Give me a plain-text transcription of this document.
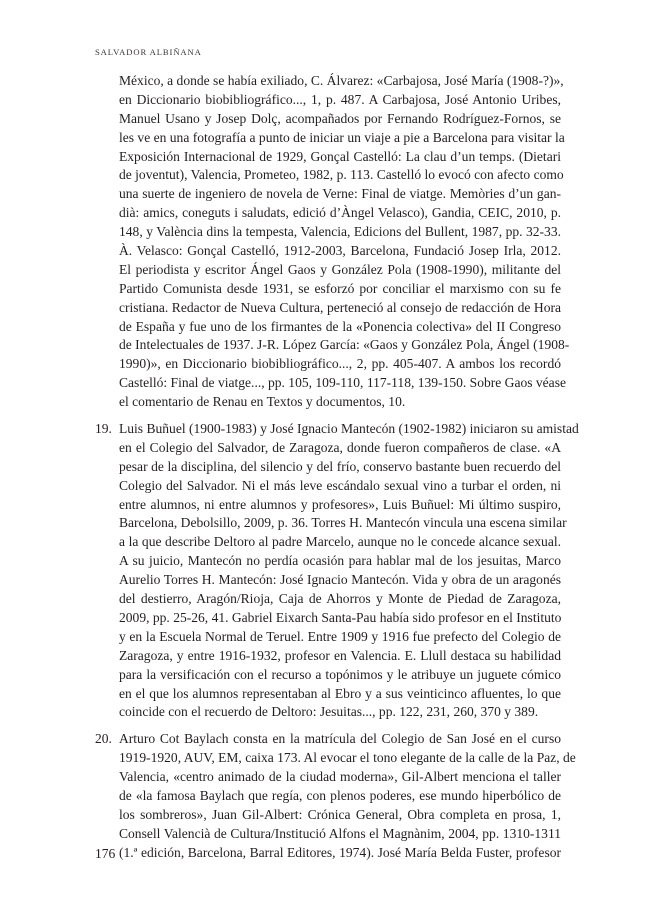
SALVADOR ALBIÑANA
México, a donde se había exiliado, C. Álvarez: «Carbajosa, José María (1908-?)»,
en Diccionario biobibliográfico..., 1, p. 487. A Carbajosa, José Antonio Uribes,
Manuel Usano y Josep Dolç, acompañados por Fernando Rodríguez-Fornos, se
les ve en una fotografía a punto de iniciar un viaje a pie a Barcelona para visitar la
Exposición Internacional de 1929, Gonçal Castelló: La clau d’un temps. (Dietari
de joventut), Valencia, Prometeo, 1982, p. 113. Castelló lo evocó con afecto como
una suerte de ingeniero de novela de Verne: Final de viatge. Memòries d’un gan-
dià: amics, coneguts i saludats, edició d’Àngel Velasco), Gandia, CEIC, 2010, p.
148, y València dins la tempesta, Valencia, Edicions del Bullent, 1987, pp. 32-33.
À. Velasco: Gonçal Castelló, 1912-2003, Barcelona, Fundació Josep Irla, 2012.
El periodista y escritor Ángel Gaos y González Pola (1908-1990), militante del
Partido Comunista desde 1931, se esforzó por conciliar el marxismo con su fe
cristiana. Redactor de Nueva Cultura, perteneció al consejo de redacción de Hora
de España y fue uno de los firmantes de la «Ponencia colectiva» del II Congreso
de Intelectuales de 1937. J-R. López García: «Gaos y González Pola, Ángel (1908-
1990)», en Diccionario biobibliográfico..., 2, pp. 405-407. A ambos los recordó
Castelló: Final de viatge..., pp. 105, 109-110, 117-118, 139-150. Sobre Gaos véase
el comentario de Renau en Textos y documentos, 10.
19. Luis Buñuel (1900-1983) y José Ignacio Mantecón (1902-1982) iniciaron su amistad
en el Colegio del Salvador, de Zaragoza, donde fueron compañeros de clase. «A
pesar de la disciplina, del silencio y del frío, conservo bastante buen recuerdo del
Colegio del Salvador. Ni el más leve escándalo sexual vino a turbar el orden, ni
entre alumnos, ni entre alumnos y profesores», Luis Buñuel: Mi último suspiro,
Barcelona, Debolsillo, 2009, p. 36. Torres H. Mantecón vincula una escena similar
a la que describe Deltoro al padre Marcelo, aunque no le concede alcance sexual.
A su juicio, Mantecón no perdía ocasión para hablar mal de los jesuitas, Marco
Aurelio Torres H. Mantecón: José Ignacio Mantecón. Vida y obra de un aragonés
del destierro, Aragón/Rioja, Caja de Ahorros y Monte de Piedad de Zaragoza,
2009, pp. 25-26, 41. Gabriel Eixarch Santa-Pau había sido profesor en el Instituto
y en la Escuela Normal de Teruel. Entre 1909 y 1916 fue prefecto del Colegio de
Zaragoza, y entre 1916-1932, profesor en Valencia. E. Llull destaca su habilidad
para la versificación con el recurso a topónimos y le atribuye un juguete cómico
en el que los alumnos representaban al Ebro y a sus veinticinco afluentes, lo que
coincide con el recuerdo de Deltoro: Jesuitas..., pp. 122, 231, 260, 370 y 389.
20. Arturo Cot Baylach consta en la matrícula del Colegio de San José en el curso
1919-1920, AUV, EM, caixa 173. Al evocar el tono elegante de la calle de la Paz, de
Valencia, «centro animado de la ciudad moderna», Gil-Albert menciona el taller
de «la famosa Baylach que regía, con plenos poderes, ese mundo hiperbólico de
los sombreros», Juan Gil-Albert: Crónica General, Obra completa en prosa, 1,
Consell Valencià de Cultura/Institució Alfons el Magnànim, 2004, pp. 1310-1311
(1.ª edición, Barcelona, Barral Editores, 1974). José María Belda Fuster, profesor
176
